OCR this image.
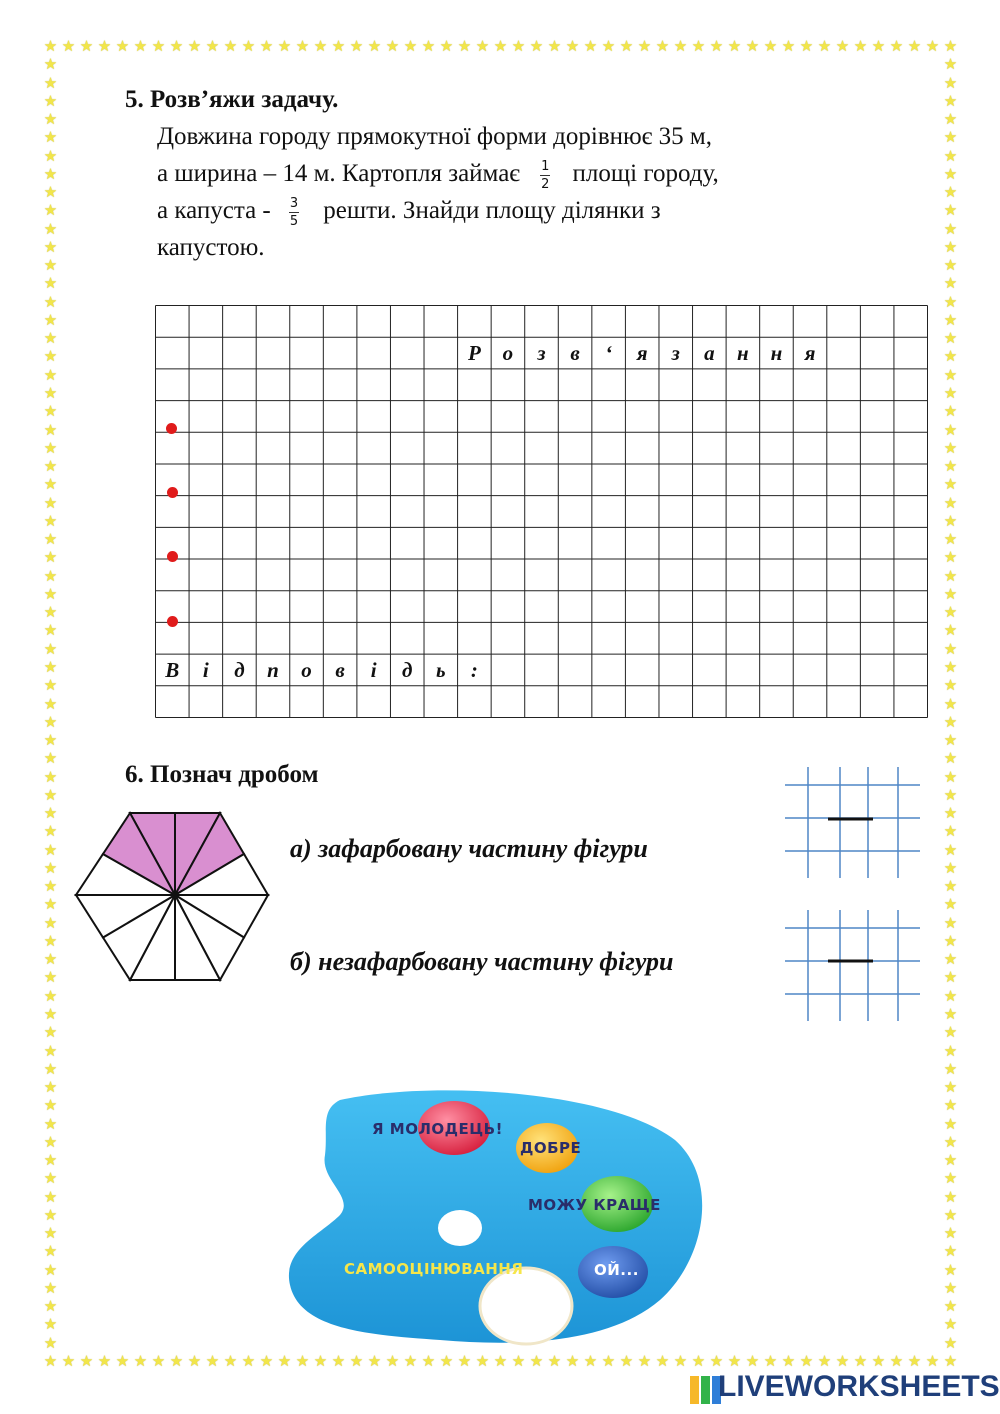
★
★
★
★
★
★
★
★
★
★
★
★
★
★
★
★
★
★
★
★
★
★
★
★
★
★
★
★
★
★
★
★
★
★
★
★
★
★
★
★
★
★
★
★
★
★
★
★
★
★
★
★
★
★
★
★
★
★
★
★
★
★
★
★
★
★
★
★
★
★
★
★
★
★
★
★
★
★
★
★
★
★
★
★
★
★
★
★
★
★
★
★
★
★
★
★
★
★
★
★
★
★
★	★
★	★
★	★
★	★
★	★
★	★
★	★
★	★
★	★
★	★
★	★
★	★
★	★
★	★
★	★
★	★
★	★
★	★
★	★
★	★
★	★
★	★
★	★
★	★
★	★
★	★
★	★
★	★
★	★
★	★
★	★
★	★
★	★
★	★
★	★
★	★
★	★
★	★
★	★
★	★
★	★
★	★
★	★
★	★
★	★
★	★
★	★
★	★
★	★
★	★
★	★
★	★
★	★
★	★
★	★
★	★
★	★
★	★
★	★
★	★
★	★
★	★
★	★
★	★
★	★
★	★
★	★
★	★
★	★
★	★
★	★
5. Розв’яжи задачу.
Довжина городу прямокутної форми дорівнює 35 м,
а ширина – 14 м. Картопля займає $\frac{1}{2}$ площі городу,
а капуста - $\frac{3}{5}$ решти. Знайди площу ділянки з
капустою.
Р	о	з	в	‘	я	з	а	н	н	я
В	і	д	п	о	в	і	д	ь	:
6. Познач дробом
а) зафарбовану частину фігури
б) незафарбовану частину фігури
Я МОЛОДЕЦЬ!
ДОБРЕ
МОЖУ КРАЩЕ
ОЙ...
САМООЦІНЮВАННЯ
LIVEWORKSHEETS
